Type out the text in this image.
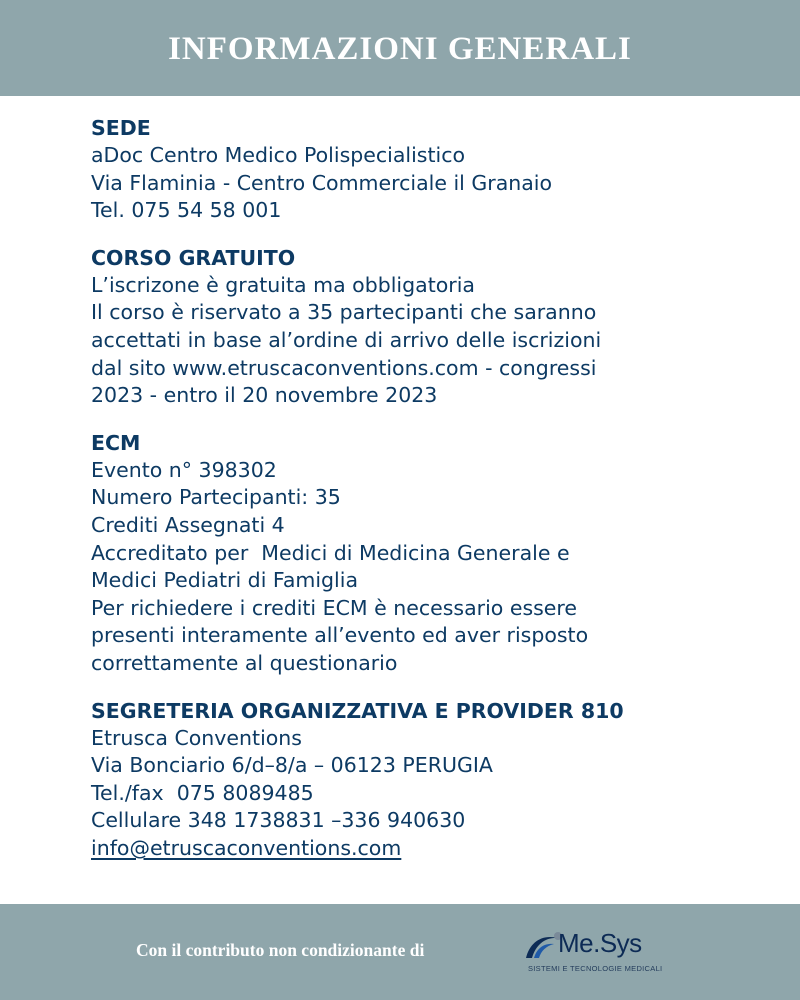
INFORMAZIONI GENERALI
SEDE
aDoc Centro Medico Polispecialistico
Via Flaminia - Centro Commerciale il Granaio
Tel. 075 54 58 001
CORSO GRATUITO
L’iscrizone è gratuita ma obbligatoria
Il corso è riservato a 35 partecipanti che saranno
accettati in base al’ordine di arrivo delle iscrizioni
dal sito www.etruscaconventions.com - congressi
2023 - entro il 20 novembre 2023
ECM
Evento n° 398302
Numero Partecipanti: 35
Crediti Assegnati 4
Accreditato per  Medici di Medicina Generale e
Medici Pediatri di Famiglia
Per richiedere i crediti ECM è necessario essere
presenti interamente all’evento ed aver risposto
correttamente al questionario
SEGRETERIA ORGANIZZATIVA E PROVIDER 810
Etrusca Conventions
Via Bonciario 6/d–8/a – 06123 PERUGIA
Tel./fax  075 8089485
Cellulare 348 1738831 –336 940630
info@etruscaconventions.com
Con il contributo non condizionante di	Me.Sys
SISTEMI E TECNOLOGIE MEDICALI
